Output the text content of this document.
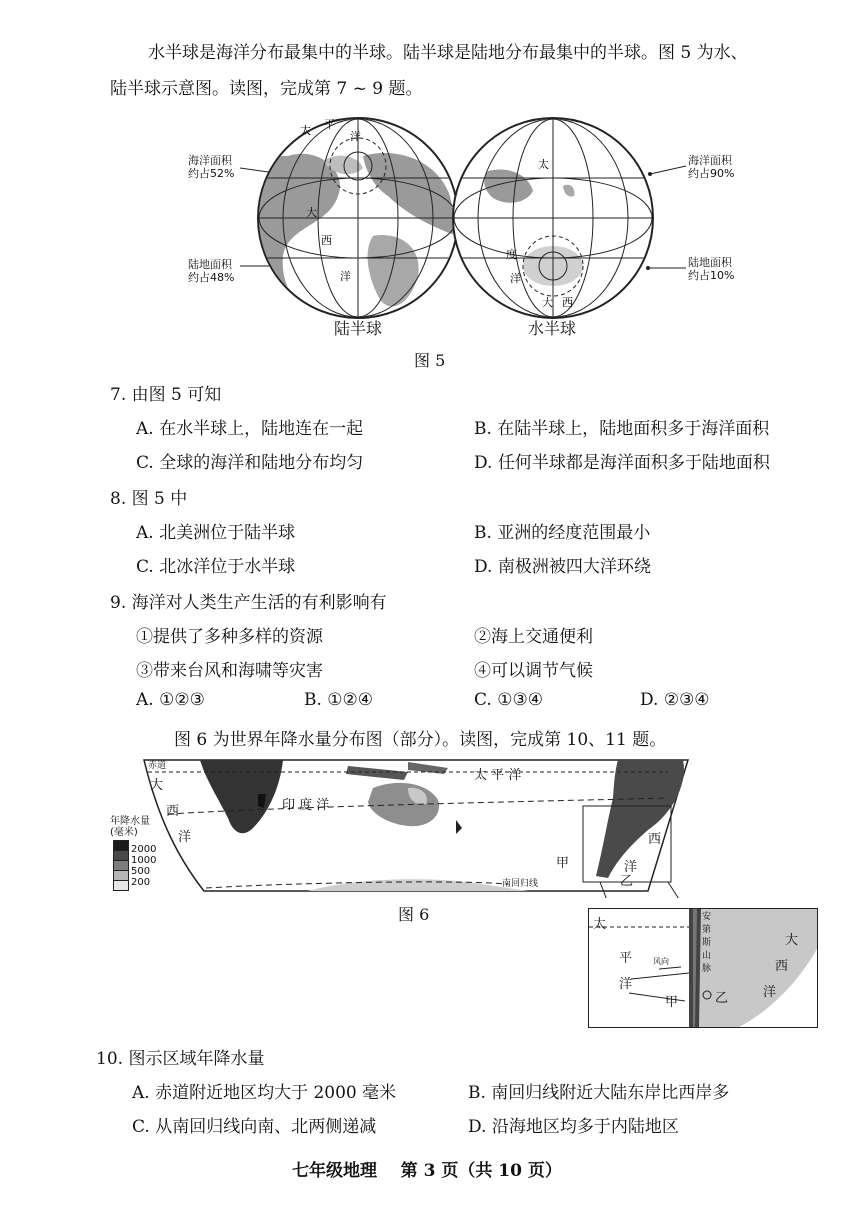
水半球是海洋分布最集中的半球。陆半球是陆地分布最集中的半球。图 5 为水、
陆半球示意图。读图，完成第 7 ~ 9 题。
海洋面积
约占52%
陆地面积
约占48%
海洋面积
约占90%
陆地面积
约占10%
太 平
洋
大
西
洋
太
度
洋
大 西
陆半球	水半球
图 5
7. 由图 5 可知
A. 在水半球上，陆地连在一起	B. 在陆半球上，陆地面积多于海洋面积
C. 全球的海洋和陆地分布均匀	D. 任何半球都是海洋面积多于陆地面积
8. 图 5 中
A. 北美洲位于陆半球	B. 亚洲的经度范围最小
C. 北冰洋位于水半球	D. 南极洲被四大洋环绕
9. 海洋对人类生产生活的有利影响有
①提供了多种多样的资源	②海上交通便利
③带来台风和海啸等灾害	④可以调节气候
A. ①②③	B. ①②④	C. ①③④	D. ②③④
图 6 为世界年降水量分布图（部分）。读图，完成第 10、11 题。
赤道
大
西
洋
印 度 洋
太 平 洋
西
洋
甲
乙
南回归线
年降水量
(毫米)
2000
1000
500
200
图 6
太
平
洋
大
西
洋
安
第
斯
山
脉
风向
甲	乙
10. 图示区域年降水量
A. 赤道附近地区均大于 2000 毫米	B. 南回归线附近大陆东岸比西岸多
C. 从南回归线向南、北两侧递减	D. 沿海地区均多于内陆地区
七年级地理    第 3 页（共 10 页）
